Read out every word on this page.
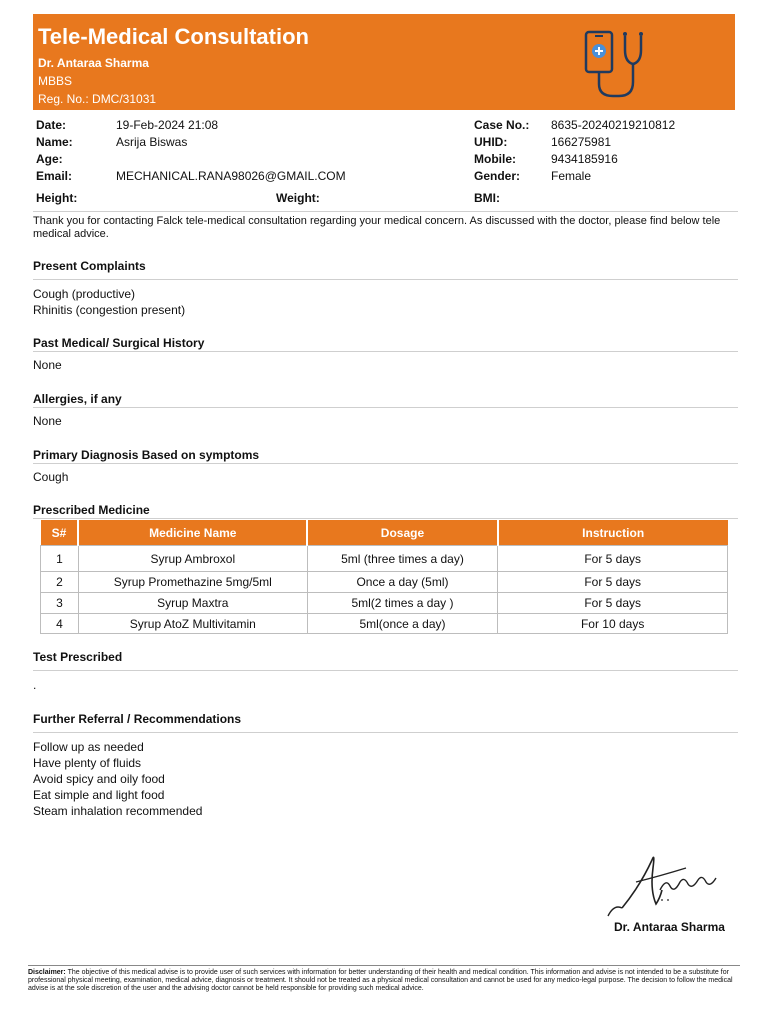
Tele-Medical Consultation
Dr. Antaraa Sharma
MBBS
Reg. No.: DMC/31031
Date:	19-Feb-2024 21:08
Name:	Asrija Biswas
Age:
Email:	MECHANICAL.RANA98026@GMAIL.COM
Case No.: 8635-20240219210812
UHID:	166275981
Mobile:	9434185916
Gender:	Female
Height:	Weight:	BMI:
Thank you for contacting Falck tele-medical consultation regarding your medical concern. As discussed with the doctor, please find below tele medical advice.
Present Complaints
Cough (productive)
Rhinitis (congestion present)
Past Medical/ Surgical History
None
Allergies, if any
None
Primary Diagnosis Based on symptoms
Cough
Prescribed Medicine
S#	Medicine Name	Dosage	Instruction
1	Syrup Ambroxol	5ml (three times a day)	For 5 days
2	Syrup Promethazine 5mg/5ml	Once a day (5ml)	For 5 days
3	Syrup Maxtra	5ml(2 times a day )	For 5 days
4	Syrup AtoZ Multivitamin	5ml(once a day)	For 10 days
Test Prescribed
.
Further Referral / Recommendations
Follow up as needed
Have plenty of fluids
Avoid spicy and oily food
Eat simple and light food
Steam inhalation recommended
Dr. Antaraa Sharma
Disclaimer: The objective of this medical advise is to provide user of such services with information for better understanding of their health and medical condition. This information and advise is not intended to be a substitute for professional physical meeting, examination, medical advice, diagnosis or treatment. It should not be treated as a physical medical consultation and cannot be used for any medico-legal purpose. The decision to follow the medical advise is at the sole discretion of the user and the advising doctor cannot be held responsible for providing such medical advice.
